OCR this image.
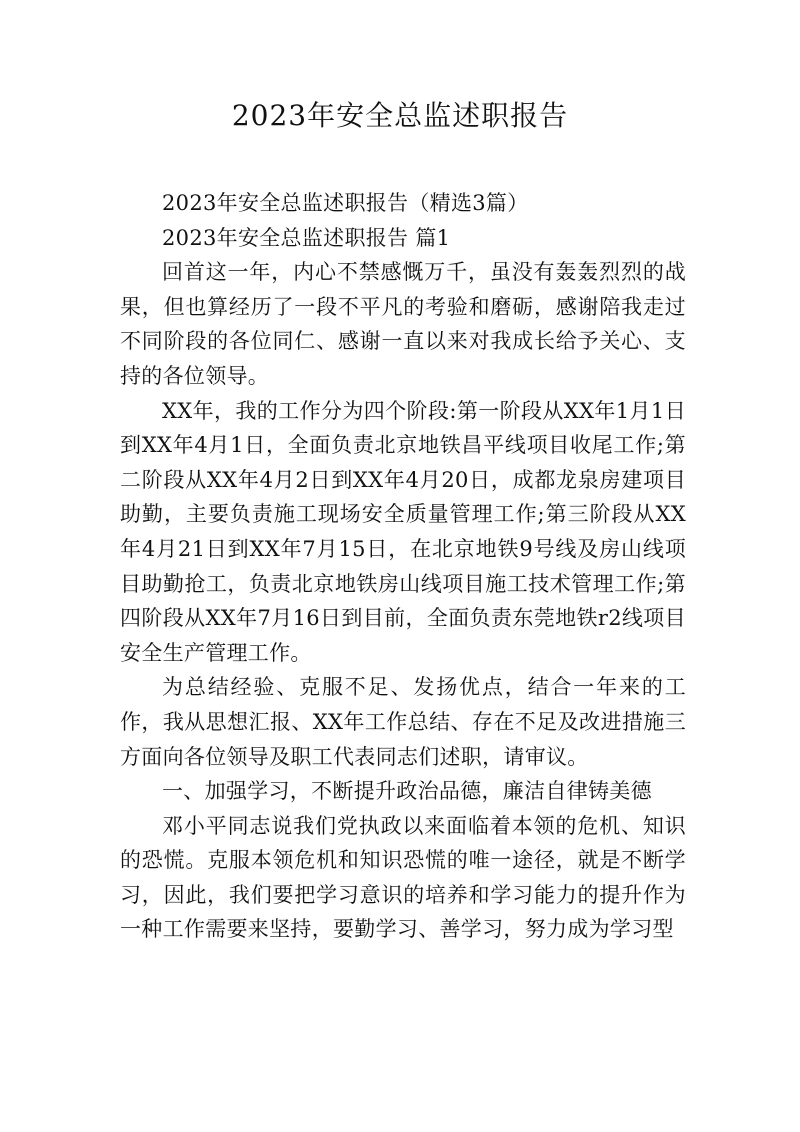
2023年安全总监述职报告

2023年安全总监述职报告（精选3篇）

2023年安全总监述职报告 篇1

回首这一年，内心不禁感慨万千，虽没有轰轰烈烈的战果，但也算经历了一段不平凡的考验和磨砺，感谢陪我走过不同阶段的各位同仁、感谢一直以来对我成长给予关心、支持的各位领导。

XX年，我的工作分为四个阶段:第一阶段从XX年1月1日到XX年4月1日，全面负责北京地铁昌平线项目收尾工作;第二阶段从XX年4月2日到XX年4月20日，成都龙泉房建项目助勤，主要负责施工现场安全质量管理工作;第三阶段从XX年4月21日到XX年7月15日，在北京地铁9号线及房山线项目助勤抢工，负责北京地铁房山线项目施工技术管理工作;第四阶段从XX年7月16日到目前，全面负责东莞地铁r2线项目安全生产管理工作。

为总结经验、克服不足、发扬优点，结合一年来的工作，我从思想汇报、XX年工作总结、存在不足及改进措施三方面向各位领导及职工代表同志们述职，请审议。

一、加强学习，不断提升政治品德，廉洁自律铸美德

邓小平同志说我们党执政以来面临着本领的危机、知识的恐慌。克服本领危机和知识恐慌的唯一途径，就是不断学习，因此，我们要把学习意识的培养和学习能力的提升作为一种工作需要来坚持，要勤学习、善学习，努力成为学习型
